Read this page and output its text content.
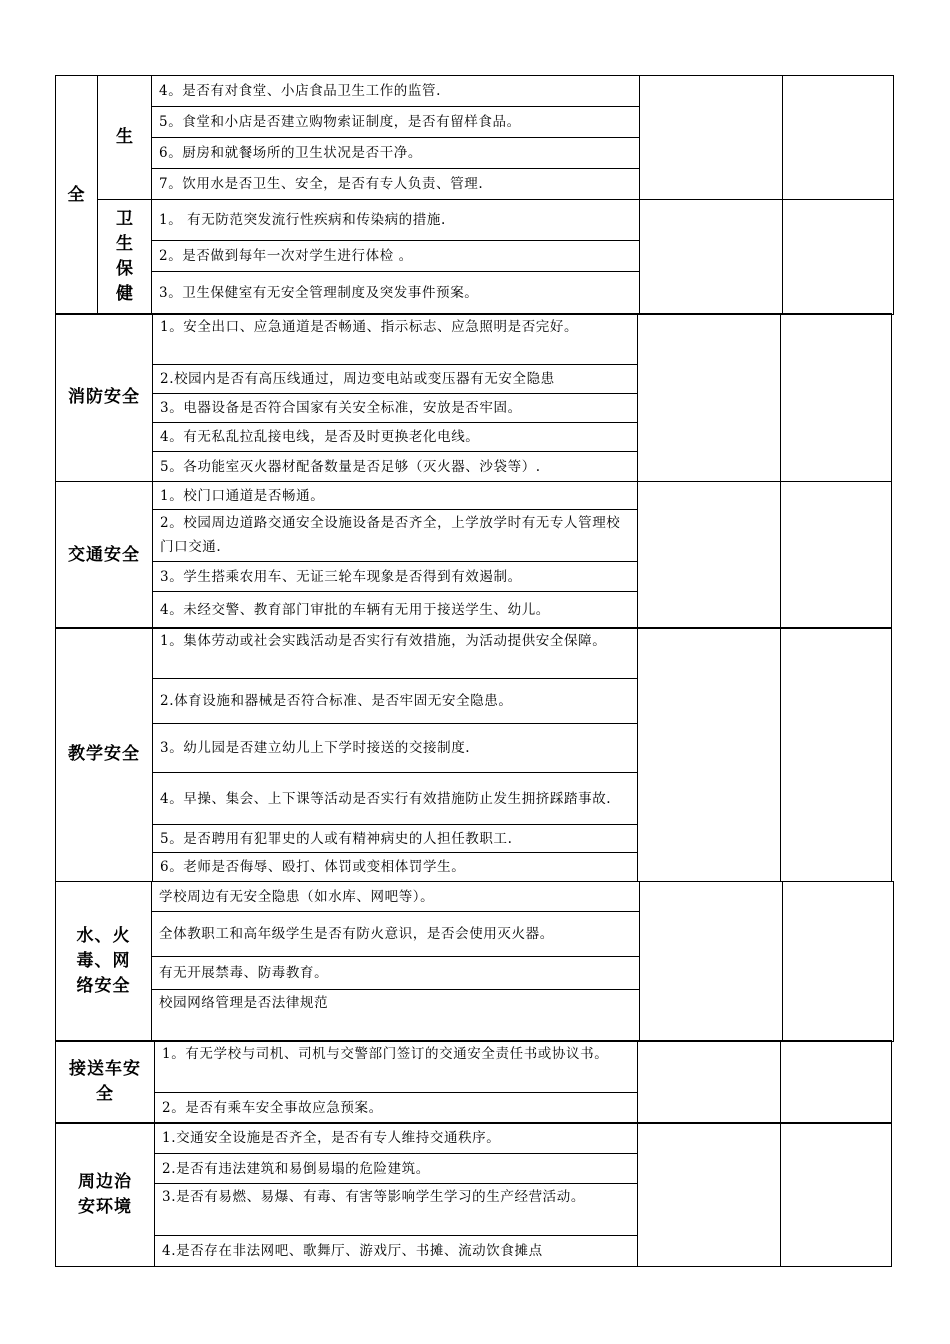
全	生	4。是否有对食堂、小店食品卫生工作的监管.		
		5。食堂和小店是否建立购物索证制度，是否有留样食品。		
		6。厨房和就餐场所的卫生状况是否干净。		
		7。饮用水是否卫生、安全，是否有专人负责、管理.		
	卫生保健	1。 有无防范突发流行性疾病和传染病的措施.		
		2。是否做到每年一次对学生进行体检 。		
		3。卫生保健室有无安全管理制度及突发事件预案。		
消防安全	1。安全出口、应急通道是否畅通、指示标志、应急照明是否完好。		
2.校园内是否有高压线通过，周边变电站或变压器有无安全隐患
3。电器设备是否符合国家有关安全标准，安放是否牢固。
4。有无私乱拉乱接电线，是否及时更换老化电线。
5。各功能室灭火器材配备数量是否足够（灭火器、沙袋等）.
交通安全	1。校门口通道是否畅通。		
2。校园周边道路交通安全设施设备是否齐全，上学放学时有无专人管理校门口交通.
3。学生搭乘农用车、无证三轮车现象是否得到有效遏制。
4。未经交警、教育部门审批的车辆有无用于接送学生、幼儿。
教学安全	1。集体劳动或社会实践活动是否实行有效措施，为活动提供安全保障。		
2.体育设施和器械是否符合标准、是否牢固无安全隐患。
3。幼儿园是否建立幼儿上下学时接送的交接制度.
4。早操、集会、上下课等活动是否实行有效措施防止发生拥挤踩踏事故.
5。是否聘用有犯罪史的人或有精神病史的人担任教职工.
6。老师是否侮辱、殴打、体罚或变相体罚学生。
水、火毒、网络安全	学校周边有无安全隐患（如水库、网吧等）。		
全体教职工和高年级学生是否有防火意识，是否会使用灭火器。
有无开展禁毒、防毒教育。
校园网络管理是否法律规范
接送车安全	1。有无学校与司机、司机与交警部门签订的交通安全责任书或协议书。		
2。是否有乘车安全事故应急预案。
周边治安环境	1.交通安全设施是否齐全，是否有专人维持交通秩序。		
2.是否有违法建筑和易倒易塌的危险建筑。
3.是否有易燃、易爆、有毒、有害等影响学生学习的生产经营活动。
4.是否存在非法网吧、歌舞厅、游戏厅、书摊、流动饮食摊点
